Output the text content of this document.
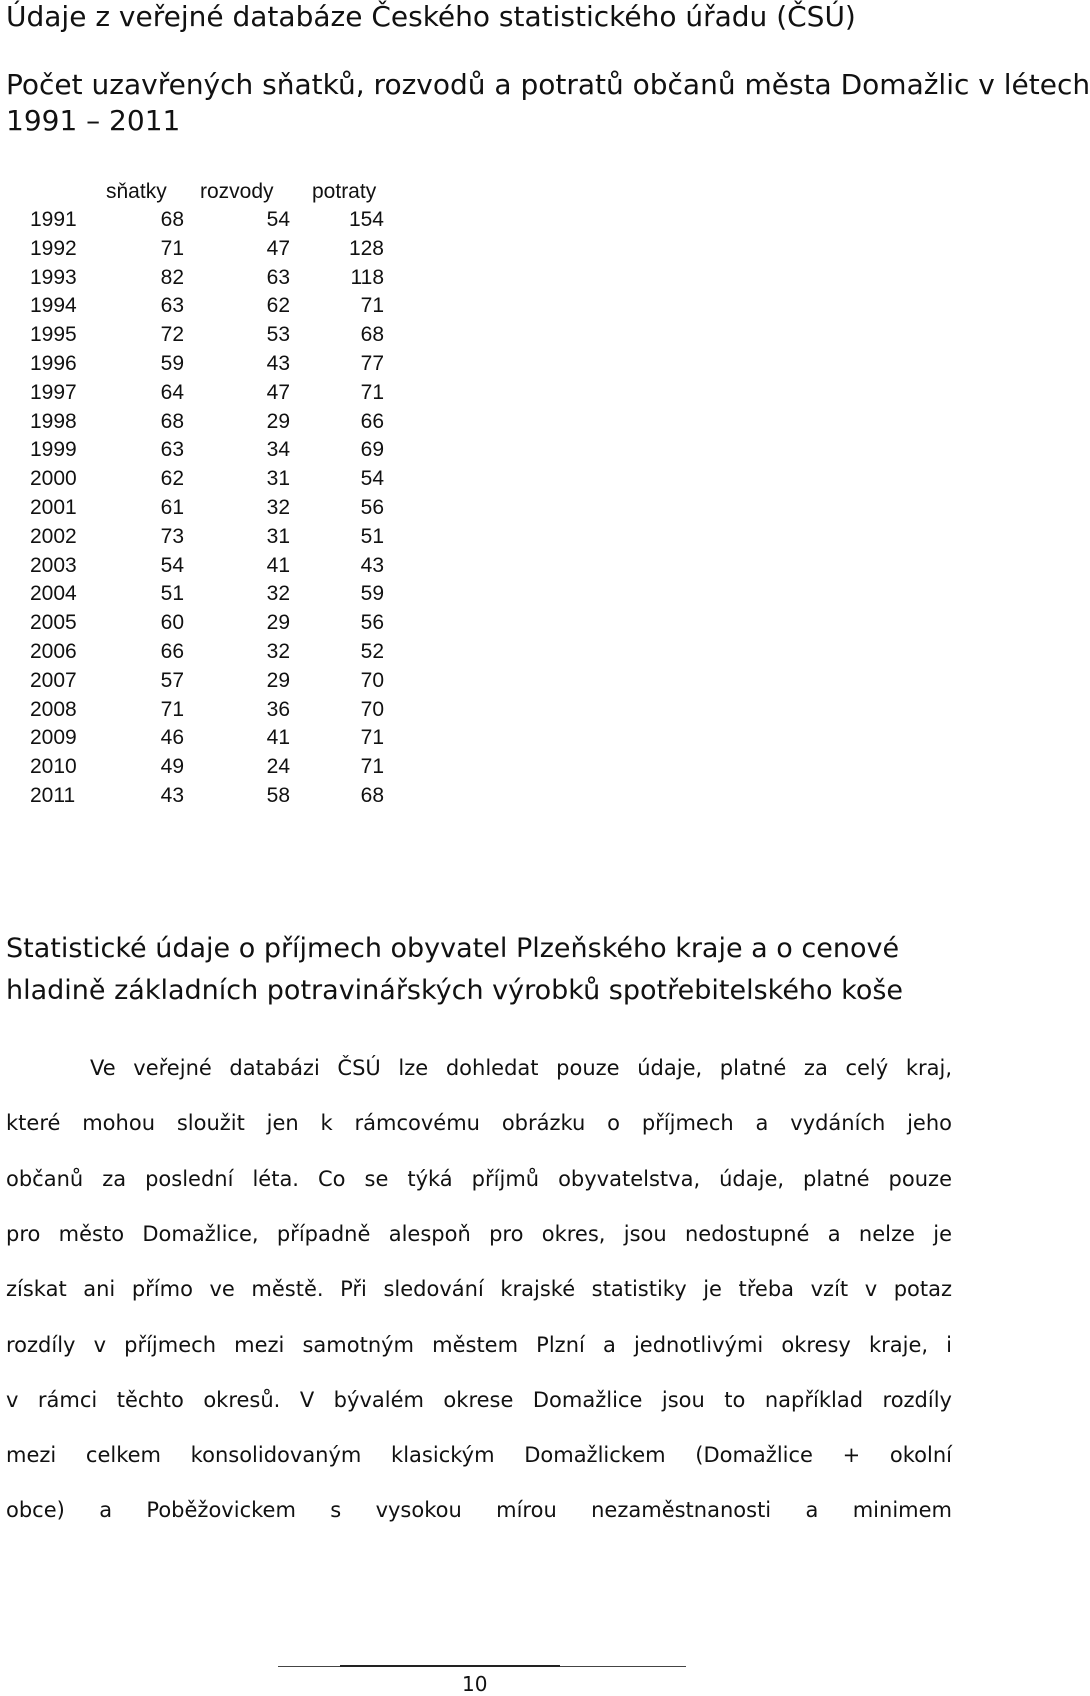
Údaje z veřejné databáze Českého statistického úřadu (ČSÚ)
Počet uzavřených sňatků, rozvodů a potratů občanů města Domažlic v létech
1991 – 2011
sňatky rozvody potraty
1991	68	54	154
1992	71	47	128
1993	82	63	118
1994	63	62	71
1995	72	53	68
1996	59	43	77
1997	64	47	71
1998	68	29	66
1999	63	34	69
2000	62	31	54
2001	61	32	56
2002	73	31	51
2003	54	41	43
2004	51	32	59
2005	60	29	56
2006	66	32	52
2007	57	29	70
2008	71	36	70
2009	46	41	71
2010	49	24	71
2011	43	58	68
Statistické údaje o příjmech obyvatel Plzeňského kraje a o cenové
hladině základních potravinářských výrobků spotřebitelského koše
Ve veřejné databázi ČSÚ lze dohledat pouze údaje, platné za celý kraj,
které mohou sloužit jen k rámcovému obrázku o příjmech a vydáních jeho
občanů za poslední léta. Co se týká příjmů obyvatelstva, údaje, platné pouze
pro město Domažlice, případně alespoň pro okres, jsou nedostupné a nelze je
získat ani přímo ve městě. Při sledování krajské statistiky je třeba vzít v potaz
rozdíly v příjmech mezi samotným městem Plzní a jednotlivými okresy kraje, i
v rámci těchto okresů. V bývalém okrese Domažlice jsou to například rozdíly
mezi celkem konsolidovaným klasickým Domažlickem (Domažlice + okolní
obce) a Poběžovickem s vysokou mírou nezaměstnanosti a minimem
10
